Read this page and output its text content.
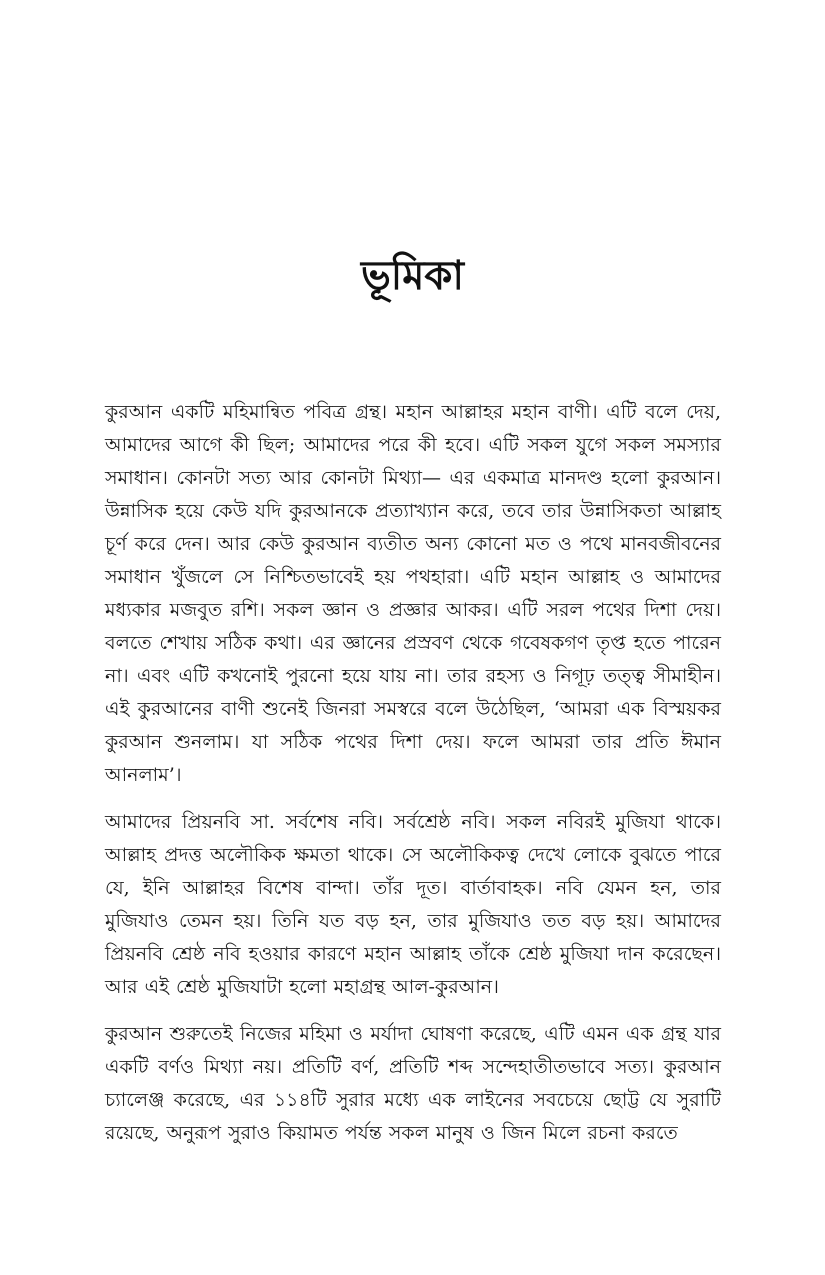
ভূমিকা

কুরআন একটি মহিমান্বিত পবিত্র গ্রন্থ। মহান আল্লাহর মহান বাণী। এটি বলে দেয়, আমাদের আগে কী ছিল; আমাদের পরে কী হবে। এটি সকল যুগে সকল সমস্যার সমাধান। কোনটা সত্য আর কোনটা মিথ্যা— এর একমাত্র মানদণ্ড হলো কুরআন। উন্নাসিক হয়ে কেউ যদি কুরআনকে প্রত্যাখ্যান করে, তবে তার উন্নাসিকতা আল্লাহ চূর্ণ করে দেন। আর কেউ কুরআন ব্যতীত অন্য কোনো মত ও পথে মানবজীবনের সমাধান খুঁজলে সে নিশ্চিতভাবেই হয় পথহারা। এটি মহান আল্লাহ ও আমাদের মধ্যকার মজবুত রশি। সকল জ্ঞান ও প্রজ্ঞার আকর। এটি সরল পথের দিশা দেয়। বলতে শেখায় সঠিক কথা। এর জ্ঞানের প্রস্রবণ থেকে গবেষকগণ তৃপ্ত হতে পারেন না। এবং এটি কখনোই পুরনো হয়ে যায় না। তার রহস্য ও নিগূঢ় তত্ত্ব সীমাহীন। এই কুরআনের বাণী শুনেই জিনরা সমস্বরে বলে উঠেছিল, ‘আমরা এক বিস্ময়কর কুরআন শুনলাম। যা সঠিক পথের দিশা দেয়। ফলে আমরা তার প্রতি ঈমান আনলাম’।

আমাদের প্রিয়নবি সা. সর্বশেষ নবি। সর্বশ্রেষ্ঠ নবি। সকল নবিরই মুজিযা থাকে। আল্লাহ প্রদত্ত অলৌকিক ক্ষমতা থাকে। সে অলৌকিকত্ব দেখে লোকে বুঝতে পারে যে, ইনি আল্লাহর বিশেষ বান্দা। তাঁর দূত। বার্তাবাহক। নবি যেমন হন, তার মুজিযাও তেমন হয়। তিনি যত বড় হন, তার মুজিযাও তত বড় হয়। আমাদের প্রিয়নবি শ্রেষ্ঠ নবি হওয়ার কারণে মহান আল্লাহ তাঁকে শ্রেষ্ঠ মুজিযা দান করেছেন। আর এই শ্রেষ্ঠ মুজিযাটা হলো মহাগ্রন্থ আল-কুরআন।

কুরআন শুরুতেই নিজের মহিমা ও মর্যাদা ঘোষণা করেছে, এটি এমন এক গ্রন্থ যার একটি বর্ণও মিথ্যা নয়। প্রতিটি বর্ণ, প্রতিটি শব্দ সন্দেহাতীতভাবে সত্য। কুরআন চ্যালেঞ্জ করেছে, এর ১১৪টি সুরার মধ্যে এক লাইনের সবচেয়ে ছোট্ট যে সুরাটি রয়েছে, অনুরূপ সুরাও কিয়ামত পর্যন্ত সকল মানুষ ও জিন মিলে রচনা করতে
